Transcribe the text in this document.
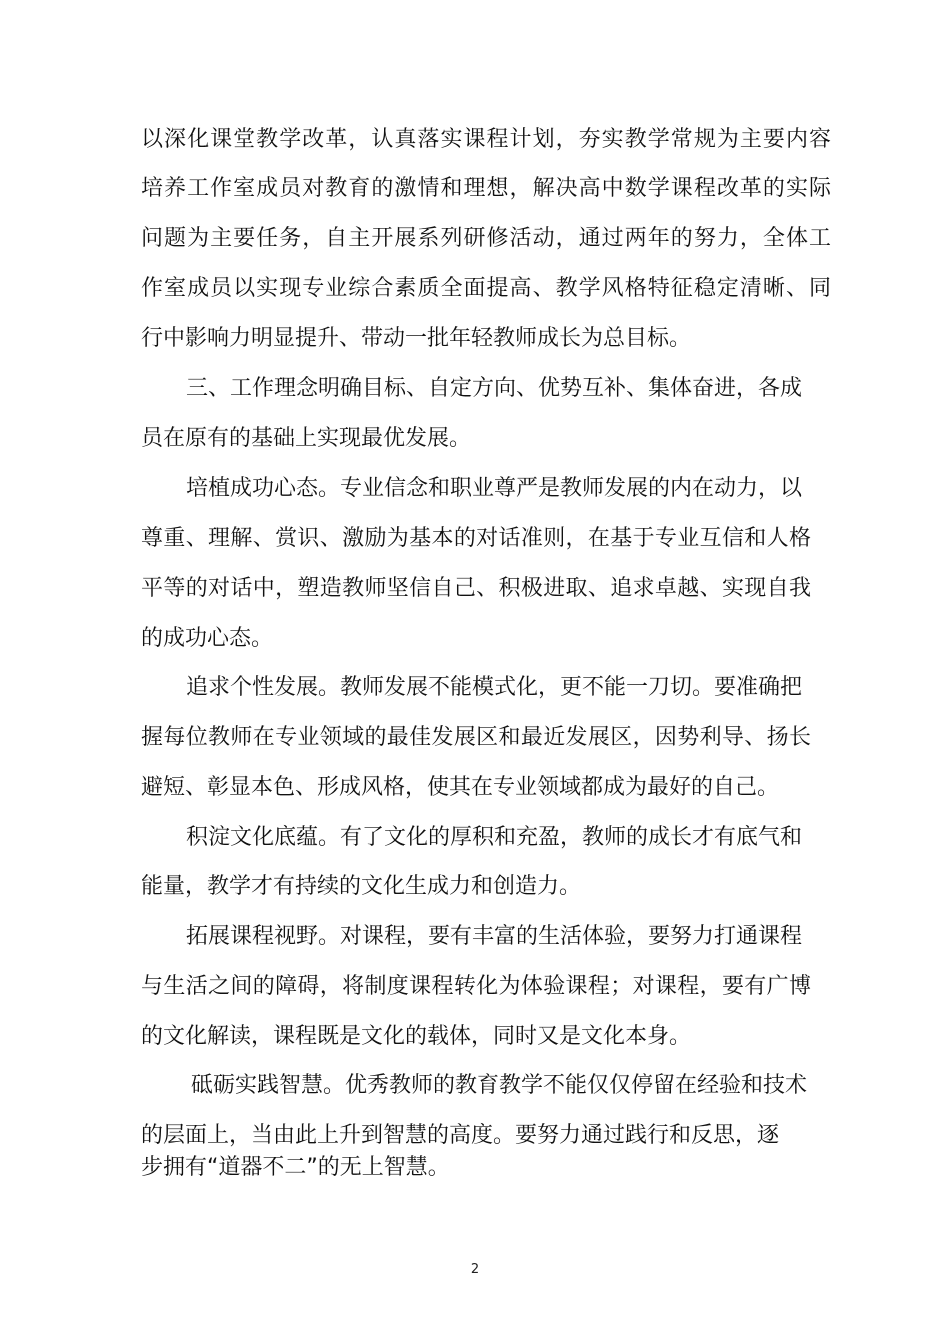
以深化课堂教学改革，认真落实课程计划，夯实教学常规为主要内容
培养工作室成员对教育的激情和理想，解决高中数学课程改革的实际
问题为主要任务，自主开展系列研修活动，通过两年的努力，全体工
作室成员以实现专业综合素质全面提高、教学风格特征稳定清晰、同
行中影响力明显提升、带动一批年轻教师成长为总目标。
三、工作理念明确目标、自定方向、优势互补、集体奋进，各成
员在原有的基础上实现最优发展。
培植成功心态。专业信念和职业尊严是教师发展的内在动力，以
尊重、理解、赏识、激励为基本的对话准则，在基于专业互信和人格
平等的对话中，塑造教师坚信自己、积极进取、追求卓越、实现自我
的成功心态。
追求个性发展。教师发展不能模式化，更不能一刀切。要准确把
握每位教师在专业领域的最佳发展区和最近发展区，因势利导、扬长
避短、彰显本色、形成风格，使其在专业领域都成为最好的自己。
积淀文化底蕴。有了文化的厚积和充盈，教师的成长才有底气和
能量，教学才有持续的文化生成力和创造力。
拓展课程视野。对课程，要有丰富的生活体验，要努力打通课程
与生活之间的障碍，将制度课程转化为体验课程；对课程，要有广博
的文化解读，课程既是文化的载体，同时又是文化本身。
砥砺实践智慧。优秀教师的教育教学不能仅仅停留在经验和技术
的层面上，当由此上升到智慧的高度。要努力通过践行和反思，逐
步拥有“道器不二”的无上智慧。
2
